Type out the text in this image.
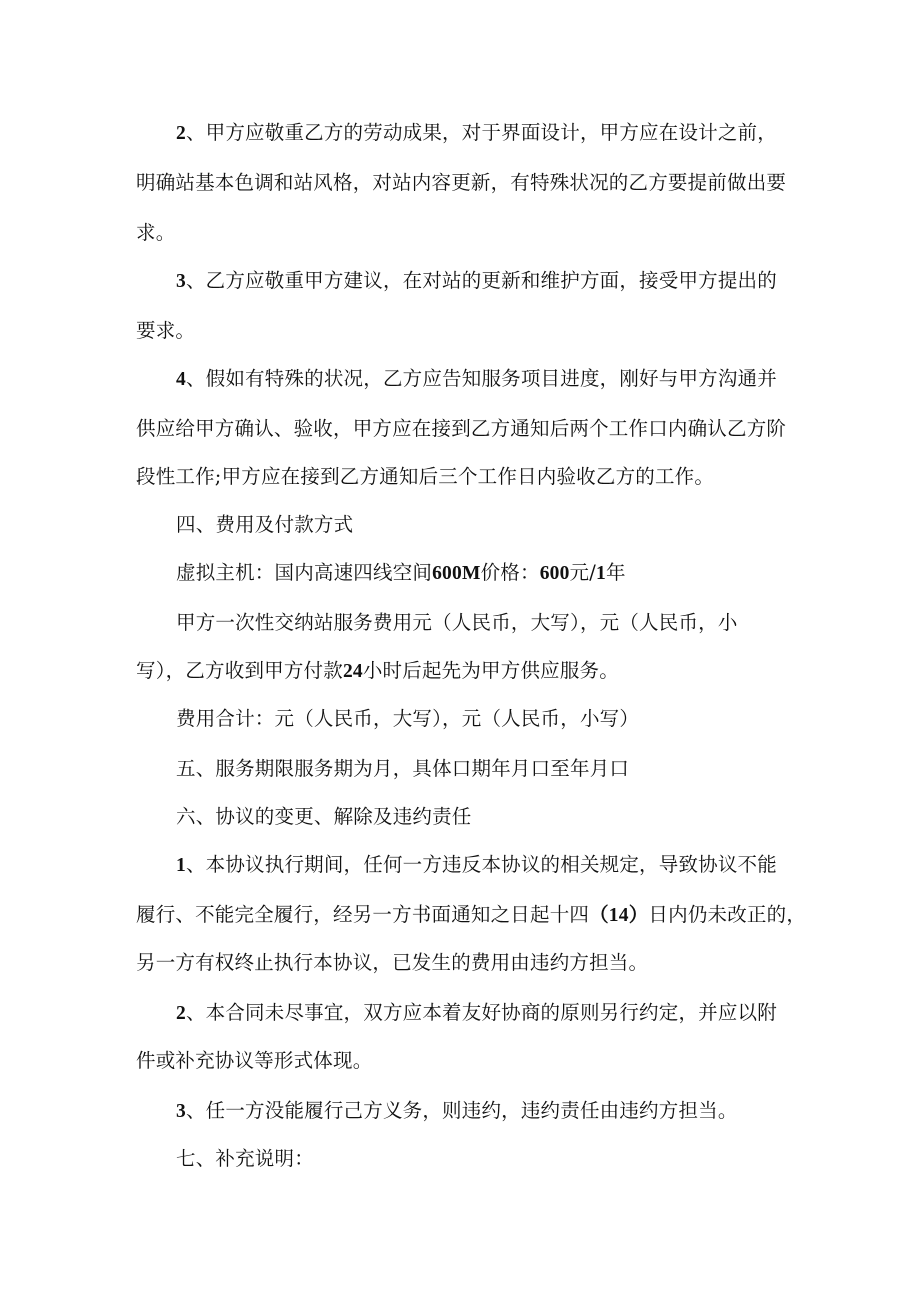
2、甲方应敬重乙方的劳动成果，对于界面设计，甲方应在设计之前，
明确站基本色调和站风格，对站内容更新，有特殊状况的乙方要提前做出要
求。
3、乙方应敬重甲方建议，在对站的更新和维护方面，接受甲方提出的
要求。
4、假如有特殊的状况，乙方应告知服务项目进度，刚好与甲方沟通并
供应给甲方确认、验收，甲方应在接到乙方通知后两个工作口内确认乙方阶
段性工作;甲方应在接到乙方通知后三个工作日内验收乙方的工作。
四、费用及付款方式
虚拟主机：国内高速四线空间600M价格：600元/1年
甲方一次性交纳站服务费用元（人民币，大写），元（人民币，小
写），乙方收到甲方付款24小时后起先为甲方供应服务。
费用合计：元（人民币，大写），元（人民币，小写）
五、服务期限服务期为月，具体口期年月口至年月口
六、协议的变更、解除及违约责任
1、本协议执行期间，任何一方违反本协议的相关规定，导致协议不能
履行、不能完全履行，经另一方书面通知之日起十四（14）日内仍未改正的，
另一方有权终止执行本协议，已发生的费用由违约方担当。
2、本合同未尽事宜，双方应本着友好协商的原则另行约定，并应以附
件或补充协议等形式体现。
3、任一方没能履行己方义务，则违约，违约责任由违约方担当。
七、补充说明：
